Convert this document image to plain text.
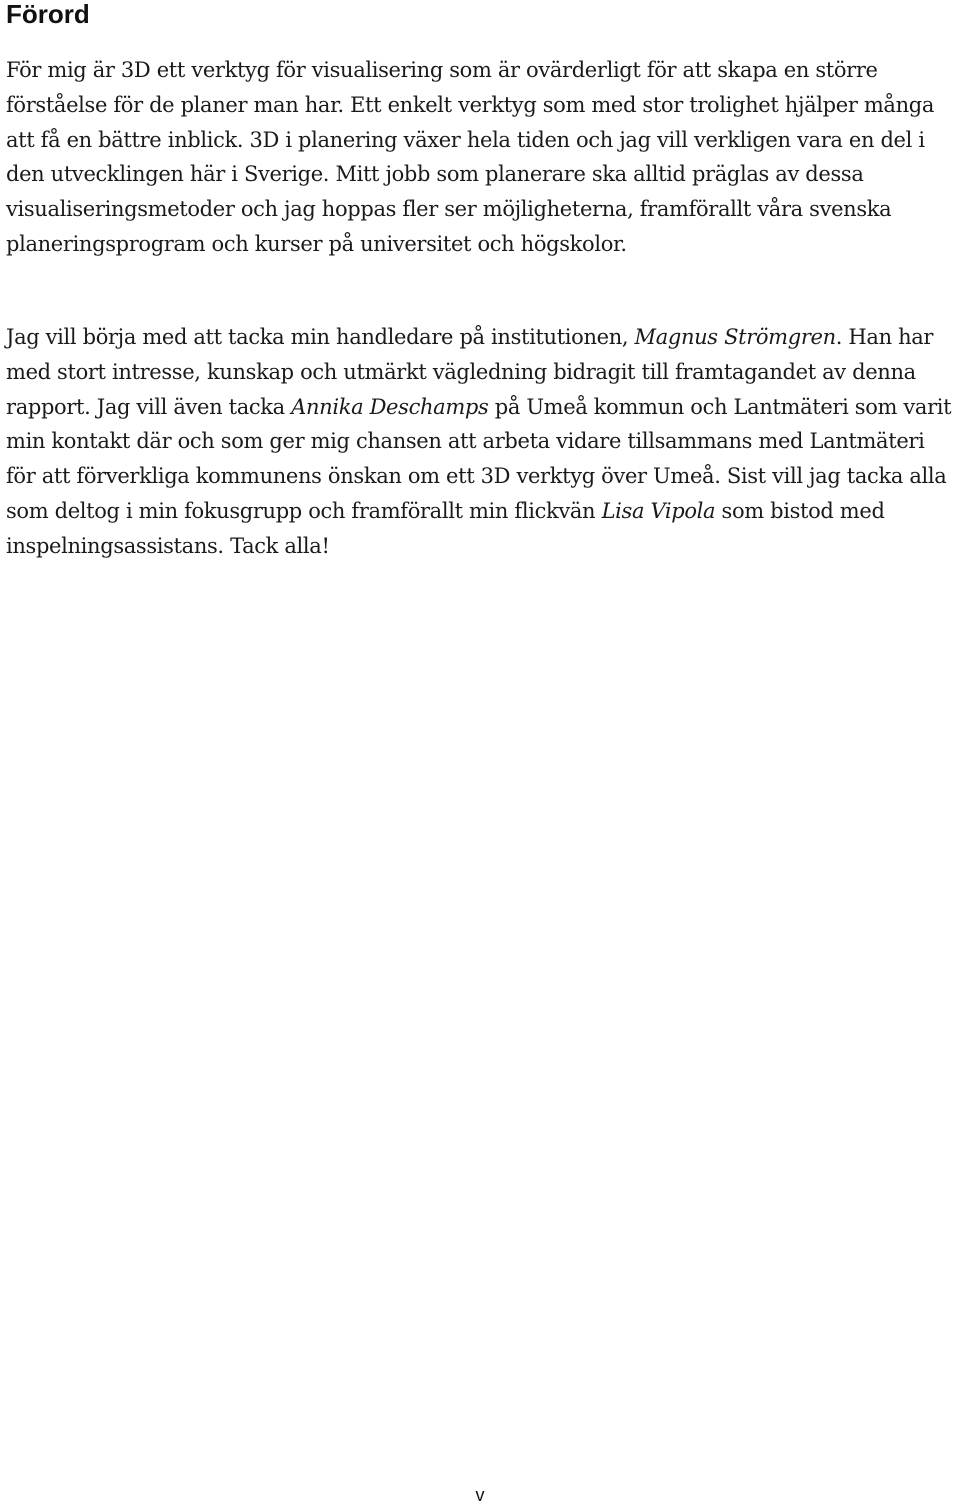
Förord

För mig är 3D ett verktyg för visualisering som är ovärderligt för att skapa en större förståelse för de planer man har. Ett enkelt verktyg som med stor trolighet hjälper många att få en bättre inblick. 3D i planering växer hela tiden och jag vill verkligen vara en del i den utvecklingen här i Sverige. Mitt jobb som planerare ska alltid präglas av dessa visualiseringsmetoder och jag hoppas fler ser möjligheterna, framförallt våra svenska planeringsprogram och kurser på universitet och högskolor.

Jag vill börja med att tacka min handledare på institutionen, Magnus Strömgren. Han har med stort intresse, kunskap och utmärkt vägledning bidragit till framtagandet av denna rapport. Jag vill även tacka Annika Deschamps på Umeå kommun och Lantmäteri som varit min kontakt där och som ger mig chansen att arbeta vidare tillsammans med Lantmäteri för att förverkliga kommunens önskan om ett 3D verktyg över Umeå. Sist vill jag tacka alla som deltog i min fokusgrupp och framförallt min flickvän Lisa Vipola som bistod med inspelningsassistans. Tack alla!

v
